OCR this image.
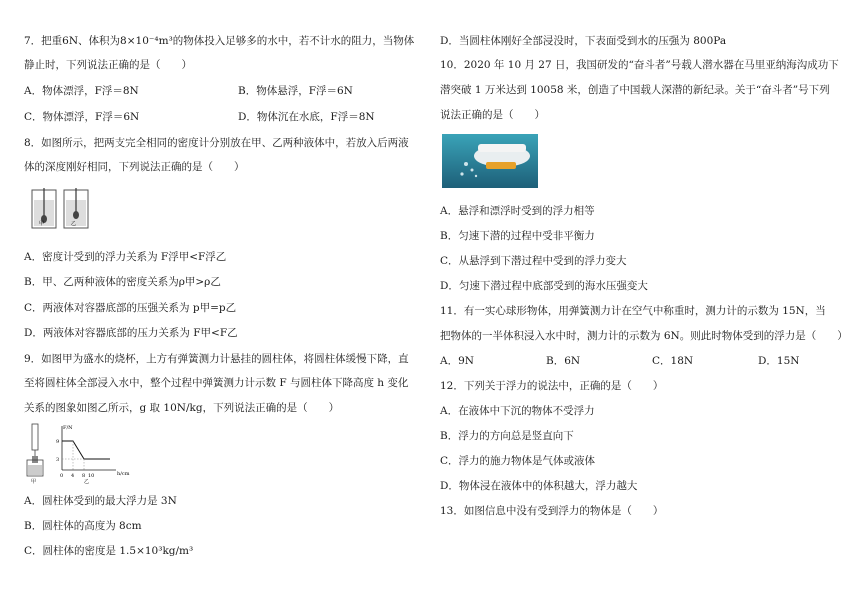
7．把重6N、体积为8×10⁻⁴m³的物体投入足够多的水中，若不计水的阻力，当物体
静止时，下列说法正确的是（　　）
A．物体漂浮，F浮＝8N	B．物体悬浮，F浮＝6N
C．物体漂浮，F浮＝6N	D．物体沉在水底，F浮＝8N
8．如图所示，把两支完全相同的密度计分别放在甲、乙两种液体中，若放入后两液
体的深度刚好相同，下列说法正确的是（　　）
甲	乙
A．密度计受到的浮力关系为 F浮甲<F浮乙
B．甲、乙两种液体的密度关系为ρ甲>ρ乙
C．两液体对容器底部的压强关系为 p甲=p乙
D．两液体对容器底部的压力关系为 F甲<F乙
9．如图甲为盛水的烧杯，上方有弹簧测力计悬挂的圆柱体，将圆柱体缓慢下降，直
至将圆柱体全部浸入水中，整个过程中弹簧测力计示数 F 与圆柱体下降高度 h 变化
关系的图象如图乙所示，g 取 10N/kg，下列说法正确的是（　　）
甲
F/N
h/cm
9
3
0 4 8 10
乙
A．圆柱体受到的最大浮力是 3N
B．圆柱体的高度为 8cm
C．圆柱体的密度是 1.5×10³kg/m³
D．当圆柱体刚好全部浸没时，下表面受到水的压强为 800Pa
10．2020 年 10 月 27 日，我国研发的“奋斗者”号载人潜水器在马里亚纳海沟成功下
潜突破 1 万米达到 10058 米，创造了中国载人深潜的新纪录。关于“奋斗者”号下列
说法正确的是（　　）
A．悬浮和漂浮时受到的浮力相等
B．匀速下潜的过程中受非平衡力
C．从悬浮到下潜过程中受到的浮力变大
D．匀速下潜过程中底部受到的海水压强变大
11．有一实心球形物体，用弹簧测力计在空气中称重时，测力计的示数为 15N，当
把物体的一半体积浸入水中时，测力计的示数为 6N。则此时物体受到的浮力是（　　）
A．9N	B．6N	C．18N	D．15N
12．下列关于浮力的说法中，正确的是（　　）
A．在液体中下沉的物体不受浮力
B．浮力的方向总是竖直向下
C．浮力的施力物体是气体或液体
D．物体浸在液体中的体积越大，浮力越大
13．如图信息中没有受到浮力的物体是（　　）
